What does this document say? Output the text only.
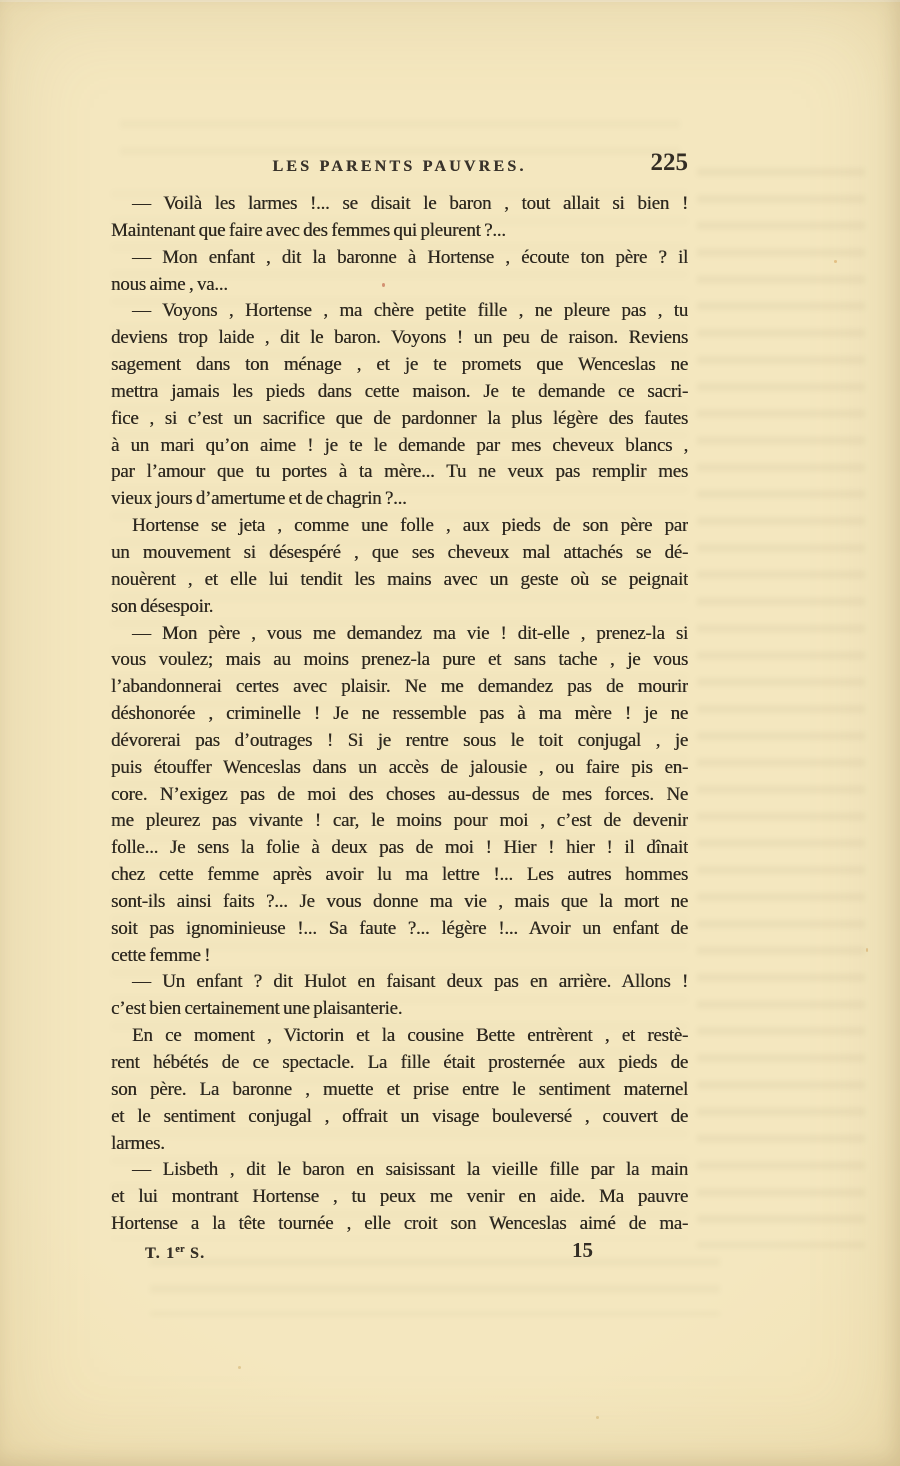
LES PARENTS PAUVRES.	225
— Voilà les larmes !... se disait le baron , tout allait si bien !
Maintenant que faire avec des femmes qui pleurent ?...
— Mon enfant , dit la baronne à Hortense , écoute ton père ? il
nous aime , va...
— Voyons , Hortense , ma chère petite fille , ne pleure pas , tu
deviens trop laide , dit le baron. Voyons ! un peu de raison. Reviens
sagement dans ton ménage , et je te promets que Wenceslas ne
mettra jamais les pieds dans cette maison. Je te demande ce sacri-
fice , si c’est un sacrifice que de pardonner la plus légère des fautes
à un mari qu’on aime ! je te le demande par mes cheveux blancs ,
par l’amour que tu portes à ta mère... Tu ne veux pas remplir mes
vieux jours d’amertume et de chagrin ?...
Hortense se jeta , comme une folle , aux pieds de son père par
un mouvement si désespéré , que ses cheveux mal attachés se dé-
nouèrent , et elle lui tendit les mains avec un geste où se peignait
son désespoir.
— Mon père , vous me demandez ma vie ! dit-elle , prenez-la si
vous voulez; mais au moins prenez-la pure et sans tache , je vous
l’abandonnerai certes avec plaisir. Ne me demandez pas de mourir
déshonorée , criminelle ! Je ne ressemble pas à ma mère ! je ne
dévorerai pas d’outrages ! Si je rentre sous le toit conjugal , je
puis étouffer Wenceslas dans un accès de jalousie , ou faire pis en-
core. N’exigez pas de moi des choses au-dessus de mes forces. Ne
me pleurez pas vivante ! car, le moins pour moi , c’est de devenir
folle... Je sens la folie à deux pas de moi ! Hier ! hier ! il dînait
chez cette femme après avoir lu ma lettre !... Les autres hommes
sont-ils ainsi faits ?... Je vous donne ma vie , mais que la mort ne
soit pas ignominieuse !... Sa faute ?... légère !... Avoir un enfant de
cette femme !
— Un enfant ? dit Hulot en faisant deux pas en arrière. Allons !
c’est bien certainement une plaisanterie.
En ce moment , Victorin et la cousine Bette entrèrent , et restè-
rent hébétés de ce spectacle. La fille était prosternée aux pieds de
son père. La baronne , muette et prise entre le sentiment maternel
et le sentiment conjugal , offrait un visage bouleversé , couvert de
larmes.
— Lisbeth , dit le baron en saisissant la vieille fille par la main
et lui montrant Hortense , tu peux me venir en aide. Ma pauvre
Hortense a la tête tournée , elle croit son Wenceslas aimé de ma-
T. 1er S.	15
